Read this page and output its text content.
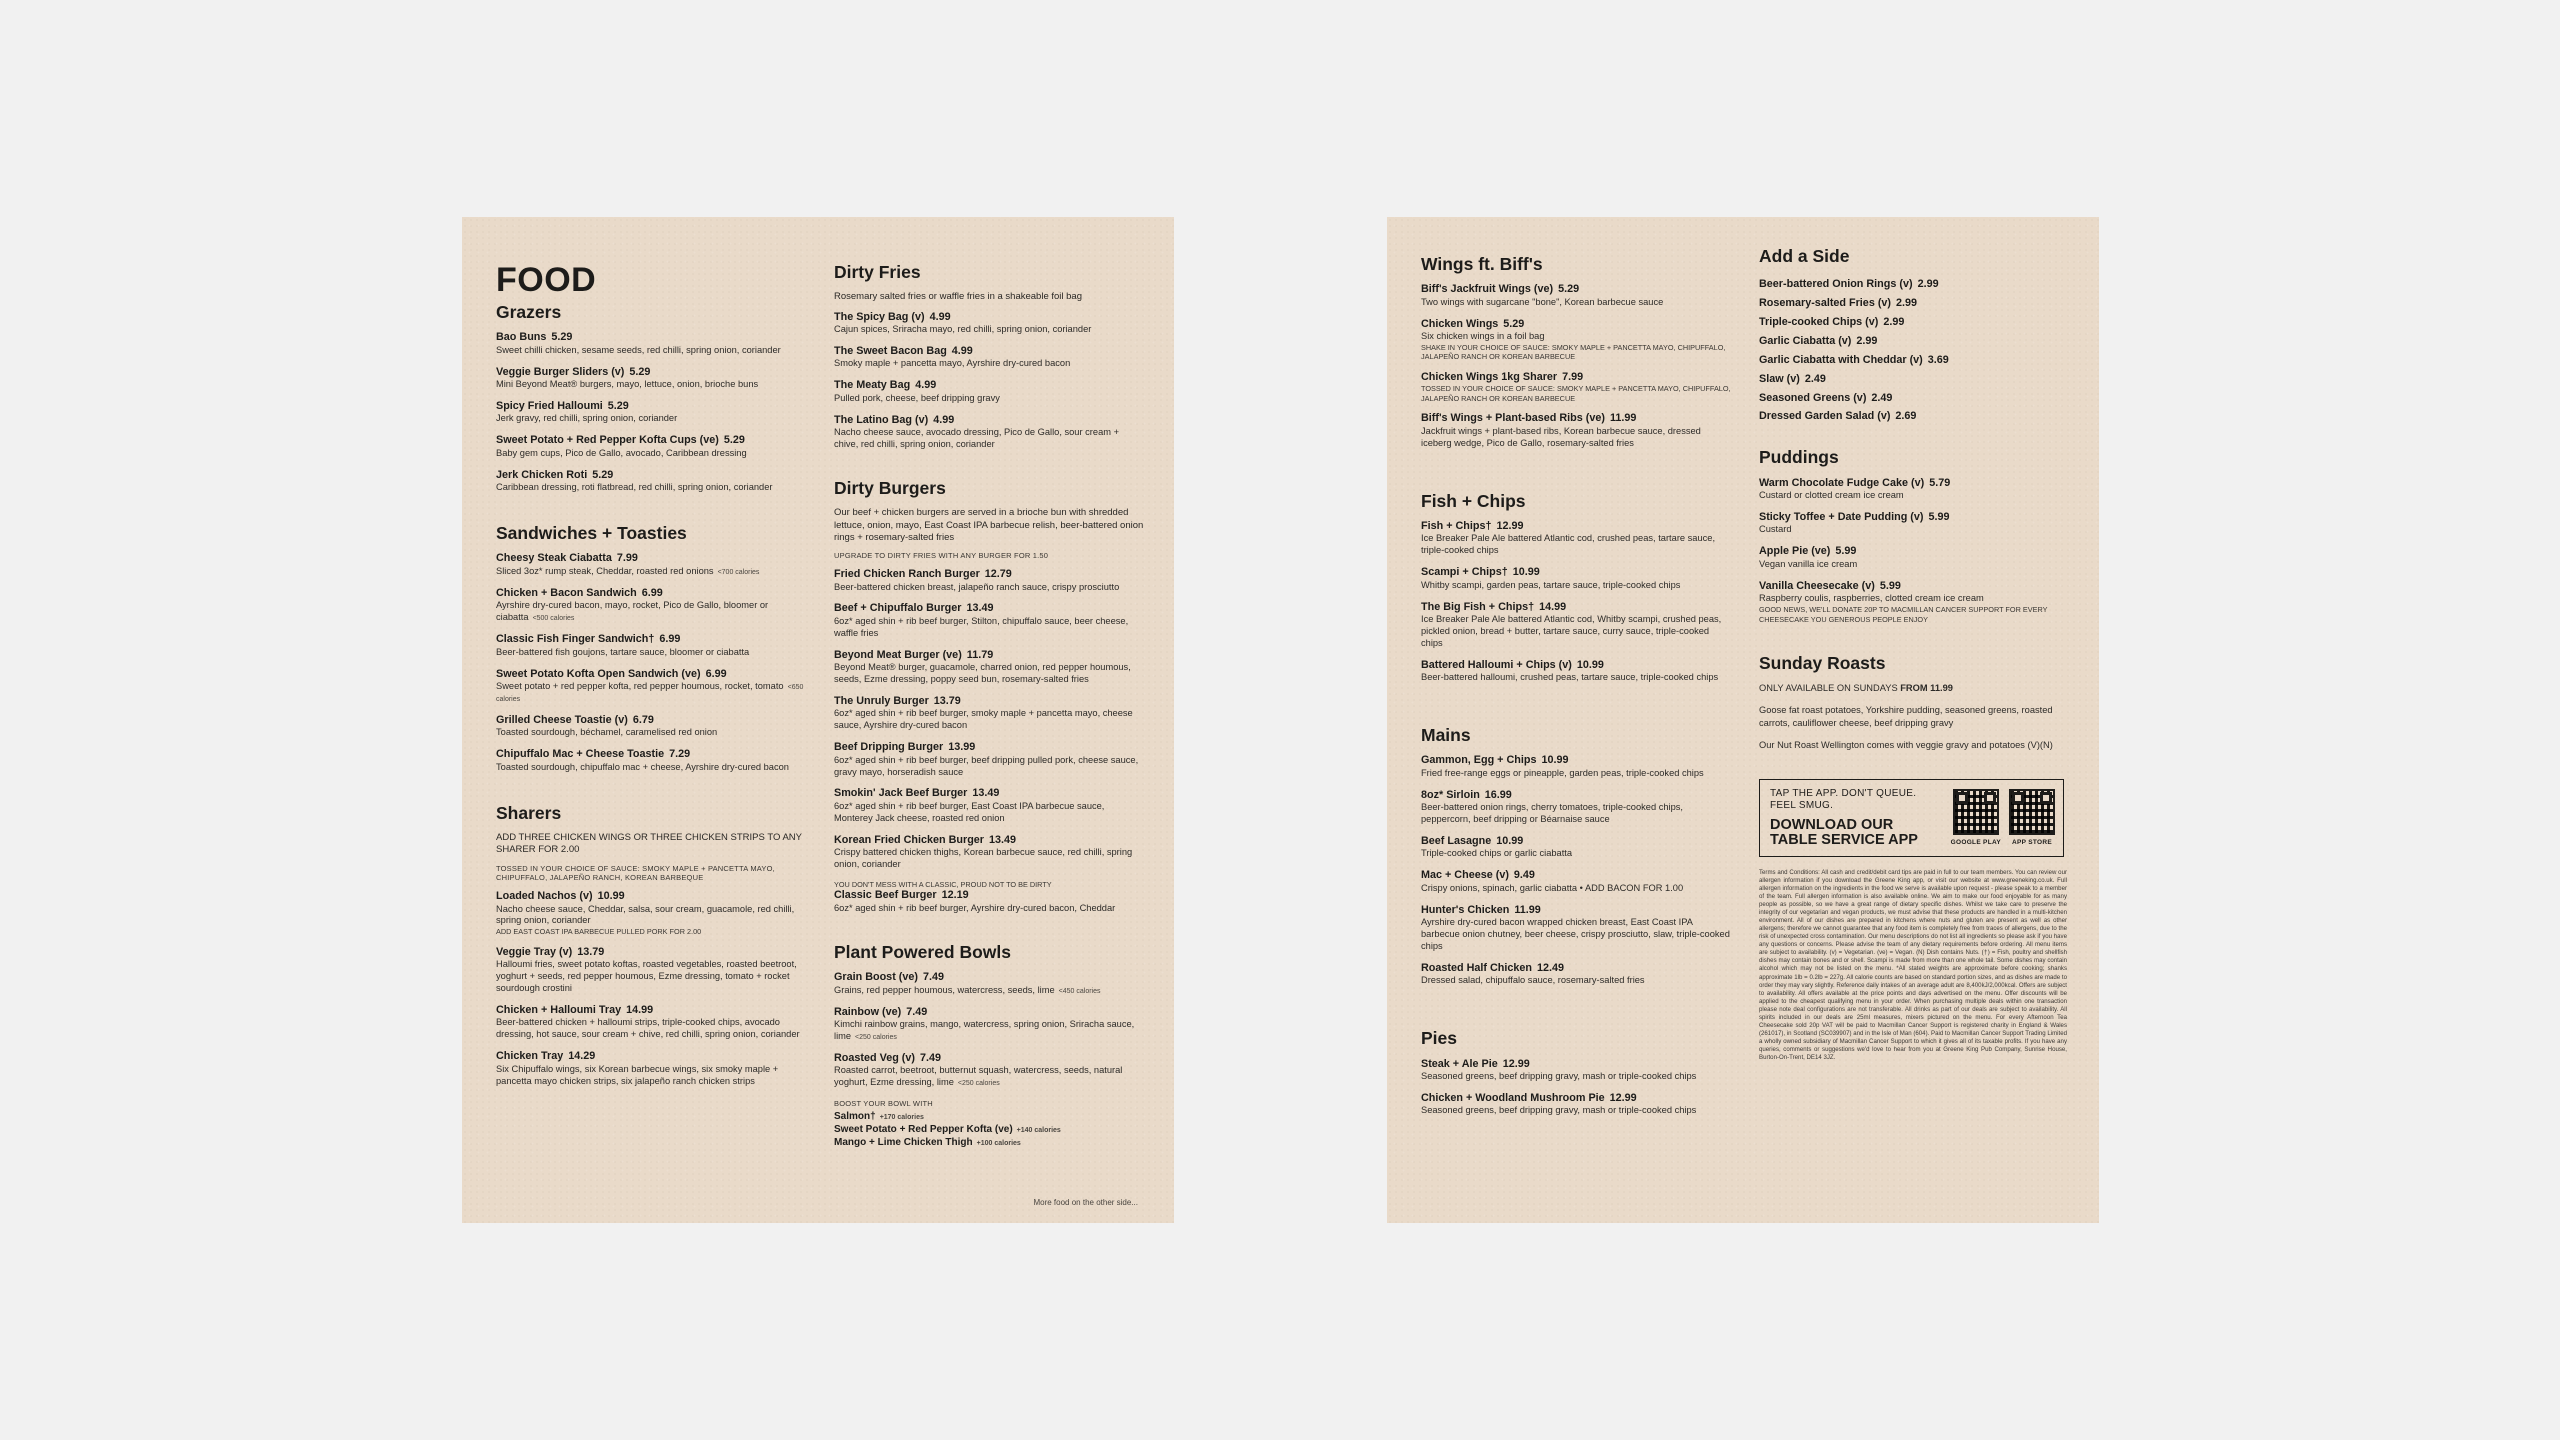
FOOD
Grazers
Bao Buns 5.29
Sweet chilli chicken, sesame seeds, red chilli, spring onion, coriander
Veggie Burger Sliders (v) 5.29
Mini Beyond Meat® burgers, mayo, lettuce, onion, brioche buns
Spicy Fried Halloumi 5.29
Jerk gravy, red chilli, spring onion, coriander
Sweet Potato + Red Pepper Kofta Cups (ve) 5.29
Baby gem cups, Pico de Gallo, avocado, Caribbean dressing
Jerk Chicken Roti 5.29
Caribbean dressing, roti flatbread, red chilli, spring onion, coriander
Sandwiches + Toasties
Cheesy Steak Ciabatta 7.99
Sliced 3oz* rump steak, Cheddar, roasted red onions <700 calories
Chicken + Bacon Sandwich 6.99
Ayrshire dry-cured bacon, mayo, rocket, Pico de Gallo, bloomer or ciabatta <500 calories
Classic Fish Finger Sandwich† 6.99
Beer-battered fish goujons, tartare sauce, bloomer or ciabatta
Sweet Potato Kofta Open Sandwich (ve) 6.99
Sweet potato + red pepper kofta, red pepper houmous, rocket, tomato <650 calories
Grilled Cheese Toastie (v) 6.79
Toasted sourdough, béchamel, caramelised red onion
Chipuffalo Mac + Cheese Toastie 7.29
Toasted sourdough, chipuffalo mac + cheese, Ayrshire dry-cured bacon
Sharers

ADD THREE CHICKEN WINGS OR THREE CHICKEN STRIPS TO ANY SHARER FOR 2.00

TOSSED IN YOUR CHOICE OF SAUCE: SMOKY MAPLE + PANCETTA MAYO, CHIPUFFALO, JALAPEÑO RANCH, KOREAN BARBEQUE

Loaded Nachos (v) 10.99
Nacho cheese sauce, Cheddar, salsa, sour cream, guacamole, red chilli, spring onion, coriander
ADD EAST COAST IPA BARBECUE PULLED PORK FOR 2.00
Veggie Tray (v) 13.79
Halloumi fries, sweet potato koftas, roasted vegetables, roasted beetroot, yoghurt + seeds, red pepper houmous, Ezme dressing, tomato + rocket sourdough crostini
Chicken + Halloumi Tray 14.99
Beer-battered chicken + halloumi strips, triple-cooked chips, avocado dressing, hot sauce, sour cream + chive, red chilli, spring onion, coriander
Chicken Tray 14.29
Six Chipuffalo wings, six Korean barbecue wings, six smoky maple + pancetta mayo chicken strips, six jalapeño ranch chicken strips
Dirty Fries

Rosemary salted fries or waffle fries in a shakeable foil bag

The Spicy Bag (v) 4.99
Cajun spices, Sriracha mayo, red chilli, spring onion, coriander
The Sweet Bacon Bag 4.99
Smoky maple + pancetta mayo, Ayrshire dry-cured bacon
The Meaty Bag 4.99
Pulled pork, cheese, beef dripping gravy
The Latino Bag (v) 4.99
Nacho cheese sauce, avocado dressing, Pico de Gallo, sour cream + chive, red chilli, spring onion, coriander
Dirty Burgers

Our beef + chicken burgers are served in a brioche bun with shredded lettuce, onion, mayo, East Coast IPA barbecue relish, beer-battered onion rings + rosemary-salted fries

UPGRADE TO DIRTY FRIES WITH ANY BURGER FOR 1.50

Fried Chicken Ranch Burger 12.79
Beer-battered chicken breast, jalapeño ranch sauce, crispy prosciutto
Beef + Chipuffalo Burger 13.49
6oz* aged shin + rib beef burger, Stilton, chipuffalo sauce, beer cheese, waffle fries
Beyond Meat Burger (ve) 11.79
Beyond Meat® burger, guacamole, charred onion, red pepper houmous, seeds, Ezme dressing, poppy seed bun, rosemary-salted fries
The Unruly Burger 13.79
6oz* aged shin + rib beef burger, smoky maple + pancetta mayo, cheese sauce, Ayrshire dry-cured bacon
Beef Dripping Burger 13.99
6oz* aged shin + rib beef burger, beef dripping pulled pork, cheese sauce, gravy mayo, horseradish sauce
Smokin' Jack Beef Burger 13.49
6oz* aged shin + rib beef burger, East Coast IPA barbecue sauce, Monterey Jack cheese, roasted red onion
Korean Fried Chicken Burger 13.49
Crispy battered chicken thighs, Korean barbecue sauce, red chilli, spring onion, coriander
YOU DON'T MESS WITH A CLASSIC, PROUD NOT TO BE DIRTY
Classic Beef Burger 12.19
6oz* aged shin + rib beef burger, Ayrshire dry-cured bacon, Cheddar
Plant Powered Bowls
Grain Boost (ve) 7.49
Grains, red pepper houmous, watercress, seeds, lime <450 calories
Rainbow (ve) 7.49
Kimchi rainbow grains, mango, watercress, spring onion, Sriracha sauce, lime <250 calories
Roasted Veg (v) 7.49
Roasted carrot, beetroot, butternut squash, watercress, seeds, natural yoghurt, Ezme dressing, lime <250 calories
BOOST YOUR BOWL WITH
Salmon† +170 calories
Sweet Potato + Red Pepper Kofta (ve) +140 calories
Mango + Lime Chicken Thigh +100 calories
More food on the other side...
Wings ft. Biff's
Biff's Jackfruit Wings (ve) 5.29
Two wings with sugarcane "bone", Korean barbecue sauce
Chicken Wings 5.29
Six chicken wings in a foil bag
SHAKE IN YOUR CHOICE OF SAUCE: SMOKY MAPLE + PANCETTA MAYO, CHIPUFFALO, JALAPEÑO RANCH OR KOREAN BARBECUE
Chicken Wings 1kg Sharer 7.99
TOSSED IN YOUR CHOICE OF SAUCE: SMOKY MAPLE + PANCETTA MAYO, CHIPUFFALO, JALAPEÑO RANCH OR KOREAN BARBECUE
Biff's Wings + Plant-based Ribs (ve) 11.99
Jackfruit wings + plant-based ribs, Korean barbecue sauce, dressed iceberg wedge, Pico de Gallo, rosemary-salted fries
Fish + Chips
Fish + Chips† 12.99
Ice Breaker Pale Ale battered Atlantic cod, crushed peas, tartare sauce, triple-cooked chips
Scampi + Chips† 10.99
Whitby scampi, garden peas, tartare sauce, triple-cooked chips
The Big Fish + Chips† 14.99
Ice Breaker Pale Ale battered Atlantic cod, Whitby scampi, crushed peas, pickled onion, bread + butter, tartare sauce, curry sauce, triple-cooked chips
Battered Halloumi + Chips (v) 10.99
Beer-battered halloumi, crushed peas, tartare sauce, triple-cooked chips
Mains
Gammon, Egg + Chips 10.99
Fried free-range eggs or pineapple, garden peas, triple-cooked chips
8oz* Sirloin 16.99
Beer-battered onion rings, cherry tomatoes, triple-cooked chips, peppercorn, beef dripping or Béarnaise sauce
Beef Lasagne 10.99
Triple-cooked chips or garlic ciabatta
Mac + Cheese (v) 9.49
Crispy onions, spinach, garlic ciabatta • ADD BACON FOR 1.00
Hunter's Chicken 11.99
Ayrshire dry-cured bacon wrapped chicken breast, East Coast IPA barbecue onion chutney, beer cheese, crispy prosciutto, slaw, triple-cooked chips
Roasted Half Chicken 12.49
Dressed salad, chipuffalo sauce, rosemary-salted fries
Pies
Steak + Ale Pie 12.99
Seasoned greens, beef dripping gravy, mash or triple-cooked chips
Chicken + Woodland Mushroom Pie 12.99
Seasoned greens, beef dripping gravy, mash or triple-cooked chips
Add a Side
Beer-battered Onion Rings (v) 2.99
Rosemary-salted Fries (v) 2.99
Triple-cooked Chips (v) 2.99
Garlic Ciabatta (v) 2.99
Garlic Ciabatta with Cheddar (v) 3.69
Slaw (v) 2.49
Seasoned Greens (v) 2.49
Dressed Garden Salad (v) 2.69
Puddings
Warm Chocolate Fudge Cake (v) 5.79
Custard or clotted cream ice cream
Sticky Toffee + Date Pudding (v) 5.99
Custard
Apple Pie (ve) 5.99
Vegan vanilla ice cream
Vanilla Cheesecake (v) 5.99
Raspberry coulis, raspberries, clotted cream ice cream
GOOD NEWS, WE'LL DONATE 20P TO MACMILLAN CANCER SUPPORT FOR EVERY CHEESECAKE YOU GENEROUS PEOPLE ENJOY
Sunday Roasts

ONLY AVAILABLE ON SUNDAYS FROM 11.99

Goose fat roast potatoes, Yorkshire pudding, seasoned greens, roasted carrots, cauliflower cheese, beef dripping gravy

Our Nut Roast Wellington comes with veggie gravy and potatoes (V)(N)

TAP THE APP. DON'T QUEUE.
FEEL SMUG.
DOWNLOAD OUR
TABLE SERVICE APP	GOOGLE PLAY APP STORE
Terms and Conditions: All cash and credit/debit card tips are paid in full to our team members. You can review our allergen information if you download the Greene King app, or visit our website at www.greeneking.co.uk. Full allergen information on the ingredients in the food we serve is available upon request - please speak to a member of the team. Full allergen information is also available online. We aim to make our food enjoyable for as many people as possible, so we have a great range of dietary specific dishes. Whilst we take care to preserve the integrity of our vegetarian and vegan products, we must advise that these products are handled in a multi-kitchen environment. All of our dishes are prepared in kitchens where nuts and gluten are present as well as other allergens; therefore we cannot guarantee that any food item is completely free from traces of allergens, due to the risk of unexpected cross contamination. Our menu descriptions do not list all ingredients so please ask if you have any questions or concerns. Please advise the team of any dietary requirements before ordering. All menu items are subject to availability. (v) = Vegetarian. (ve) = Vegan. (N) Dish contains Nuts. (†) = Fish, poultry and shellfish dishes may contain bones and or shell. Scampi is made from more than one whole tail. Some dishes may contain alcohol which may not be listed on the menu. *All stated weights are approximate before cooking; shanks approximate 1lb = 0.2lb = 227g. All calorie counts are based on standard portion sizes, and as dishes are made to order they may vary slightly. Reference daily intakes of an average adult are 8,400kJ/2,000kcal. Offers are subject to availability. All offers available at the price points and days advertised on the menu. Offer discounts will be applied to the cheapest qualifying menu in your order. When purchasing multiple deals within one transaction please note deal configurations are not transferable. All drinks as part of our deals are subject to availability. All spirits included in our deals are 25ml measures, mixers pictured on the menu. For every Afternoon Tea Cheesecake sold 20p VAT will be paid to Macmillan Cancer Support is registered charity in England & Wales (261017), in Scotland (SC039907) and in the Isle of Man (604). Paid to Macmillan Cancer Support Trading Limited a wholly owned subsidiary of Macmillan Cancer Support to which it gives all of its taxable profits. If you have any queries, comments or suggestions we'd love to hear from you at Greene King Pub Company, Sunrise House, Burton-On-Trent, DE14 3JZ.
